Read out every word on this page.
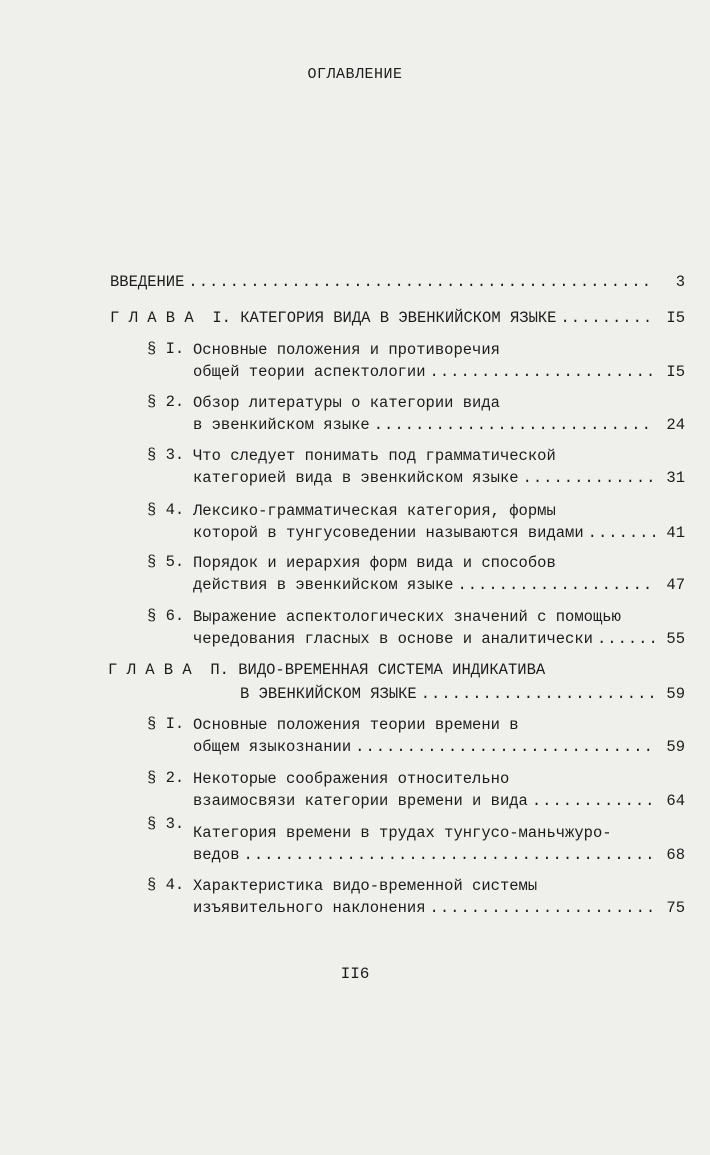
ОГЛАВЛЕНИЕ
ВВЕДЕНИЕ .....	3
Г Л А В А  I. КАТЕГОРИЯ ВИДА В ЭВЕНКИЙСКОМ ЯЗЫКЕ .....	I5
§ I. Основные положения и противоречия
общей теории аспектологии .....	I5
§ 2. Обзор литературы о категории вида
в эвенкийском языке .....	24
§ 3. Что следует понимать под грамматической
категорией вида в эвенкийском языке .....	31
§ 4. Лексико-грамматическая категория, формы
которой в тунгусоведении называются видами .....	41
§ 5. Порядок и иерархия форм вида и способов
действия в эвенкийском языке .....	47
§ 6. Выражение аспектологических значений с помощью
чередования гласных в основе и аналитически .....	55
Г Л А В А  П. ВИДО-ВРЕМЕННАЯ СИСТЕМА ИНДИКАТИВА
В ЭВЕНКИЙСКОМ ЯЗЫКЕ .....	59
§ I. Основные положения теории времени в
общем языкознании .....	59
§ 2. Некоторые соображения относительно
взаимосвязи категории времени и вида .....	64
§ 3. Категория времени в трудах тунгусо-маньчжуро-
ведов .....	68
§ 4. Характеристика видо-временной системы
изъявительного наклонения .....	75
II6
